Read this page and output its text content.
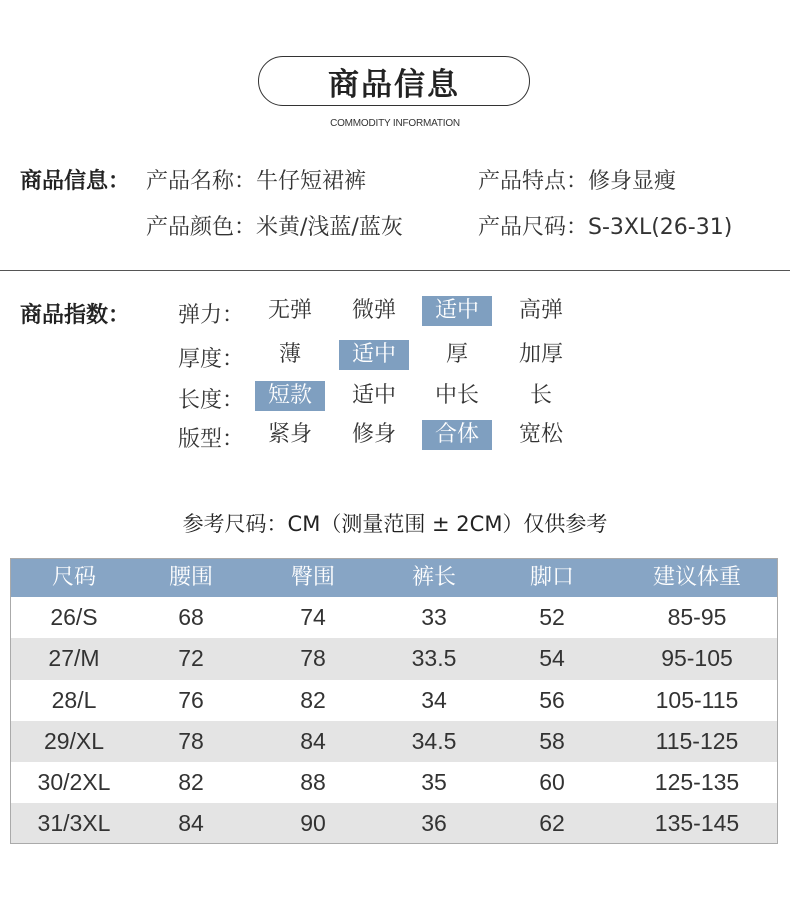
商品信息
COMMODITY INFORMATION
商品信息： 产品名称：牛仔短裙裤	产品特点：修身显瘦
产品颜色：米黄/浅蓝/蓝灰	产品尺码：S-3XL(26-31)
商品指数： 弹力：	无弹	微弹	适中	高弹
厚度：	薄	适中	厚	加厚
长度：	短款	适中	中长	长
版型：	紧身	修身	合体	宽松
参考尺码：CM（测量范围 ± 2CM）仅供参考
尺码	腰围	臀围	裤长	脚口	建议体重
26/S	68	74	33	52	85-95
27/M	72	78	33.5	54	95-105
28/L	76	82	34	56	105-115
29/XL	78	84	34.5	58	115-125
30/2XL	82	88	35	60	125-135
31/3XL	84	90	36	62	135-145
